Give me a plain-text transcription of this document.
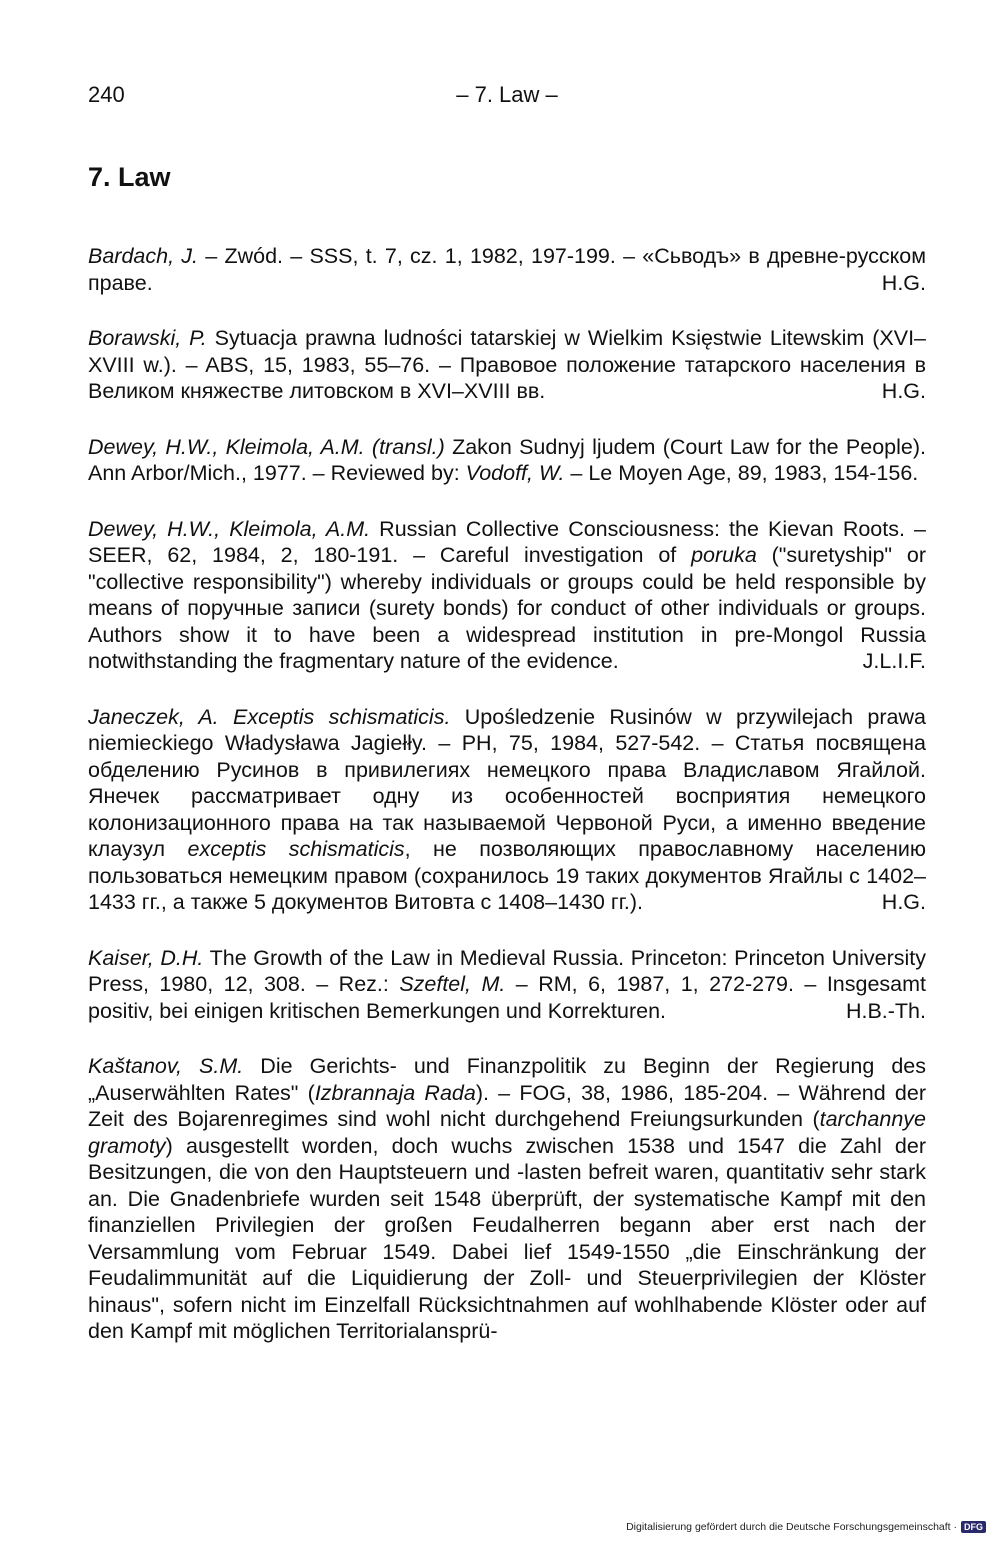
240	– 7. Law –
7. Law

Bardach, J. – Zwód. – SSS, t. 7, cz. 1, 1982, 197-199. – «Сьводъ» в древне-русском праве.	H.G.

Borawski, P. Sytuacja prawna ludności tatarskiej w Wielkim Księstwie Litewskim (XVI–XVIII w.). – ABS, 15, 1983, 55–76. – Правовое положение татарского населения в Великом княжестве литовском в XVI–XVIII вв.	H.G.

Dewey, H.W., Kleimola, A.M. (transl.) Zakon Sudnyj ljudem (Court Law for the People). Ann Arbor/Mich., 1977. – Reviewed by: Vodoff, W. – Le Moyen Age, 89, 1983, 154-156.

Dewey, H.W., Kleimola, A.M. Russian Collective Consciousness: the Kievan Roots. – SEER, 62, 1984, 2, 180-191. – Careful investigation of poruka ("suretyship" or "collective responsibility") whereby individuals or groups could be held responsible by means of поручные записи (surety bonds) for conduct of other individuals or groups. Authors show it to have been a widespread institution in pre-Mongol Russia notwithstanding the fragmentary nature of the evidence.	J.L.I.F.

Janeczek, A. Exceptis schismaticis. Upośledzenie Rusinów w przywilejach prawa niemieckiego Władysława Jagiełły. – PH, 75, 1984, 527-542. – Статья посвящена обделению Русинов в привилегиях немецкого права Владиславом Ягайлой. Янечек рассматривает одну из особенностей восприятия немецкого колонизационного права на так называемой Червоной Руси, а именно введение клаузул exceptis schismaticis, не позволяющих православному населению пользоваться немецким правом (сохранилось 19 таких документов Ягайлы с 1402–1433 гг., а также 5 документов Витовта с 1408–1430 гг.).	H.G.

Kaiser, D.H. The Growth of the Law in Medieval Russia. Princeton: Princeton University Press, 1980, 12, 308. – Rez.: Szeftel, M. – RM, 6, 1987, 1, 272-279. – Insgesamt positiv, bei einigen kritischen Bemerkungen und Korrekturen.	H.B.-Th.

Kaštanov, S.M. Die Gerichts- und Finanzpolitik zu Beginn der Regierung des „Auserwählten Rates" (Izbrannaja Rada). – FOG, 38, 1986, 185-204. – Während der Zeit des Bojarenregimes sind wohl nicht durchgehend Freiungsurkunden (tarchannye gramoty) ausgestellt worden, doch wuchs zwischen 1538 und 1547 die Zahl der Besitzungen, die von den Hauptsteuern und -lasten befreit waren, quantitativ sehr stark an. Die Gnadenbriefe wurden seit 1548 überprüft, der systematische Kampf mit den finanziellen Privilegien der großen Feudalherren begann aber erst nach der Versammlung vom Februar 1549. Dabei lief 1549-1550 „die Einschränkung der Feudalimmunität auf die Liquidierung der Zoll- und Steuerprivilegien der Klöster hinaus", sofern nicht im Einzelfall Rücksichtnahmen auf wohlhabende Klöster oder auf den Kampf mit möglichen Territorialansprü-

Digitalisierung gefördert durch die Deutsche Forschungsgemeinschaft · DFG
